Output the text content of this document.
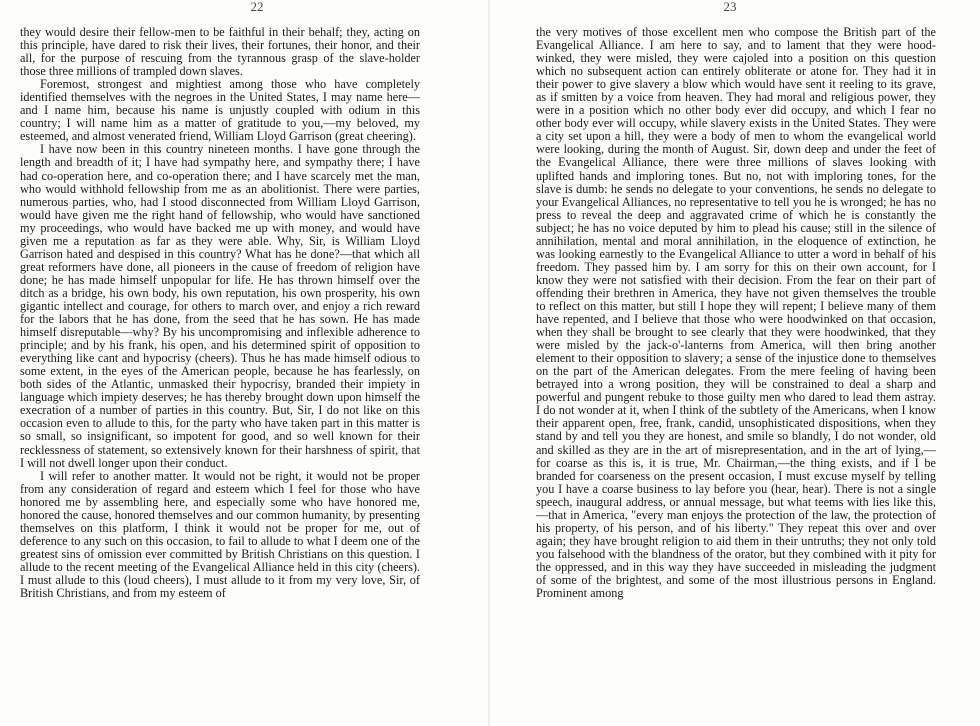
22

they would desire their fellow-men to be faithful in their behalf; they, acting on this principle, have dared to risk their lives, their fortunes, their honor, and their all, for the purpose of rescuing from the tyrannous grasp of the slave-holder those three millions of trampled down slaves.

Foremost, strongest and mightiest among those who have completely identified themselves with the negroes in the United States, I may name here—and I name him, because his name is unjustly coupled with odium in this country; I will name him as a matter of gratitude to you,—my beloved, my esteemed, and almost venerated friend, William Lloyd Garrison (great cheering).

I have now been in this country nineteen months. I have gone through the length and breadth of it; I have had sympathy here, and sympathy there; I have had co-operation here, and co-operation there; and I have scarcely met the man, who would withhold fellowship from me as an abolitionist. There were parties, numerous parties, who, had I stood disconnected from William Lloyd Garrison, would have given me the right hand of fellowship, who would have sanctioned my proceedings, who would have backed me up with money, and would have given me a reputation as far as they were able. Why, Sir, is William Lloyd Garrison hated and despised in this country? What has he done?—that which all great reformers have done, all pioneers in the cause of freedom of religion have done; he has made himself unpopular for life. He has thrown himself over the ditch as a bridge, his own body, his own reputation, his own prosperity, his own gigantic intellect and courage, for others to march over, and enjoy a rich reward for the labors that he has done, from the seed that he has sown. He has made himself disreputable—why? By his uncompromising and inflexible adherence to principle; and by his frank, his open, and his determined spirit of opposition to everything like cant and hypocrisy (cheers). Thus he has made himself odious to some extent, in the eyes of the American people, because he has fearlessly, on both sides of the Atlantic, unmasked their hypocrisy, branded their impiety in language which impiety deserves; he has thereby brought down upon himself the execration of a number of parties in this country. But, Sir, I do not like on this occasion even to allude to this, for the party who have taken part in this matter is so small, so insignificant, so impotent for good, and so well known for their recklessness of statement, so extensively known for their harshness of spirit, that I will not dwell longer upon their conduct.

I will refer to another matter. It would not be right, it would not be proper from any consideration of regard and esteem which I feel for those who have honored me by assembling here, and especially some who have honored me, honored the cause, honored themselves and our common humanity, by presenting themselves on this platform, I think it would not be proper for me, out of deference to any such on this occasion, to fail to allude to what I deem one of the greatest sins of omission ever committed by British Christians on this question. I allude to the recent meeting of the Evangelical Alliance held in this city (cheers). I must allude to this (loud cheers), I must allude to it from my very love, Sir, of British Christians, and from my esteem of

23

the very motives of those excellent men who compose the British part of the Evangelical Alliance. I am here to say, and to lament that they were hood-winked, they were misled, they were cajoled into a position on this question which no subsequent action can entirely obliterate or atone for. They had it in their power to give slavery a blow which would have sent it reeling to its grave, as if smitten by a voice from heaven. They had moral and religious power, they were in a position which no other body ever did occupy, and which I fear no other body ever will occupy, while slavery exists in the United States. They were a city set upon a hill, they were a body of men to whom the evangelical world were looking, during the month of August. Sir, down deep and under the feet of the Evangelical Alliance, there were three millions of slaves looking with uplifted hands and imploring tones. But no, not with imploring tones, for the slave is dumb: he sends no delegate to your conventions, he sends no delegate to your Evangelical Alliances, no representative to tell you he is wronged; he has no press to reveal the deep and aggravated crime of which he is constantly the subject; he has no voice deputed by him to plead his cause; still in the silence of annihilation, mental and moral annihilation, in the eloquence of extinction, he was looking earnestly to the Evangelical Alliance to utter a word in behalf of his freedom. They passed him by. I am sorry for this on their own account, for I know they were not satisfied with their decision. From the fear on their part of offending their brethren in America, they have not given themselves the trouble to reflect on this matter, but still I hope they will repent; I believe many of them have repented, and I believe that those who were hoodwinked on that occasion, when they shall be brought to see clearly that they were hoodwinked, that they were misled by the jack-o'-lanterns from America, will then bring another element to their opposition to slavery; a sense of the injustice done to themselves on the part of the American delegates. From the mere feeling of having been betrayed into a wrong position, they will be constrained to deal a sharp and powerful and pungent rebuke to those guilty men who dared to lead them astray. I do not wonder at it, when I think of the subtlety of the Americans, when I know their apparent open, free, frank, candid, unsophisticated dispositions, when they stand by and tell you they are honest, and smile so blandly, I do not wonder, old and skilled as they are in the art of misrepresentation, and in the art of lying,—for coarse as this is, it is true, Mr. Chairman,—the thing exists, and if I be branded for coarseness on the present occasion, I must excuse myself by telling you I have a coarse business to lay before you (hear, hear). There is not a single speech, inaugural address, or annual message, but what teems with lies like this,—that in America, "every man enjoys the protection of the law, the protection of his property, of his person, and of his liberty." They repeat this over and over again; they have brought religion to aid them in their untruths; they not only told you falsehood with the blandness of the orator, but they combined with it pity for the oppressed, and in this way they have succeeded in misleading the judgment of some of the brightest, and some of the most illustrious persons in England. Prominent among
